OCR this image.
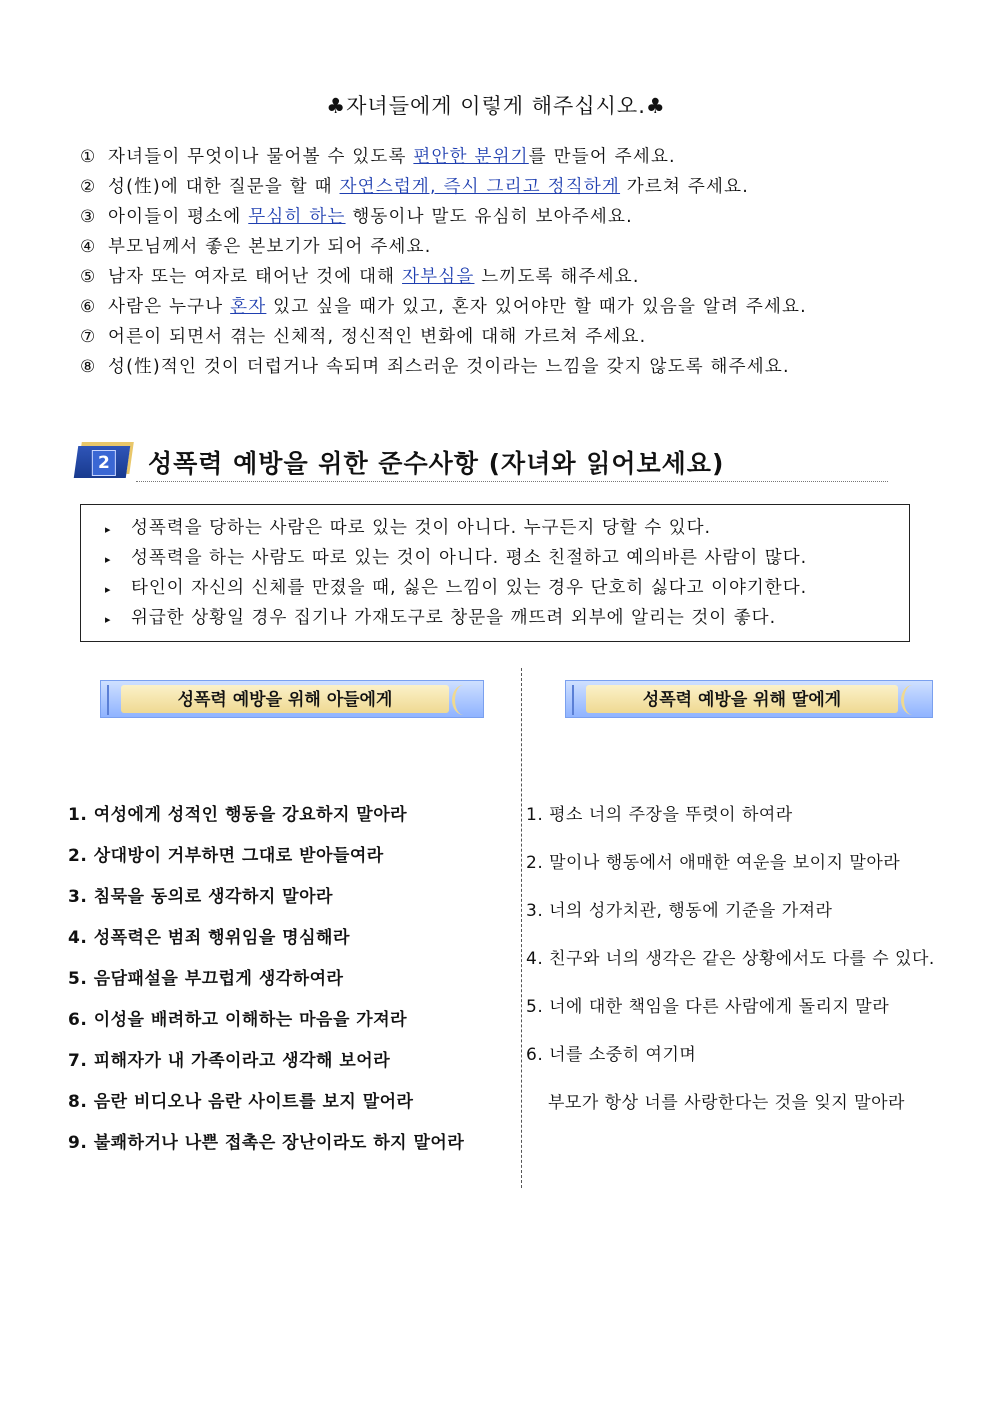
♣자녀들에게 이렇게 해주십시오.♣
① 자녀들이 무엇이나 물어볼 수 있도록 편안한 분위기를 만들어 주세요.
② 성(性)에 대한 질문을 할 때 자연스럽게, 즉시 그리고 정직하게 가르쳐 주세요.
③ 아이들이 평소에 무심히 하는 행동이나 말도 유심히 보아주세요.
④ 부모님께서 좋은 본보기가 되어 주세요.
⑤ 남자 또는 여자로 태어난 것에 대해 자부심을 느끼도록 해주세요.
⑥ 사람은 누구나 혼자 있고 싶을 때가 있고, 혼자 있어야만 할 때가 있음을 알려 주세요.
⑦ 어른이 되면서 겪는 신체적, 정신적인 변화에 대해 가르쳐 주세요.
⑧ 성(性)적인 것이 더럽거나 속되며 죄스러운 것이라는 느낌을 갖지 않도록 해주세요.
2 성폭력 예방을 위한 준수사항 (자녀와 읽어보세요)
▸ 성폭력을 당하는 사람은 따로 있는 것이 아니다. 누구든지 당할 수 있다.
▸ 성폭력을 하는 사람도 따로 있는 것이 아니다. 평소 친절하고 예의바른 사람이 많다.
▸ 타인이 자신의 신체를 만졌을 때, 싫은 느낌이 있는 경우 단호히 싫다고 이야기한다.
▸ 위급한 상황일 경우 집기나 가재도구로 창문을 깨뜨려 외부에 알리는 것이 좋다.
성폭력 예방을 위해 아들에게	성폭력 예방을 위해 딸에게
1. 여성에게 성적인 행동을 강요하지 말아라
2. 상대방이 거부하면 그대로 받아들여라
3. 침묵을 동의로 생각하지 말아라
4. 성폭력은 범죄 행위임을 명심해라
5. 음담패설을 부끄럽게 생각하여라
6. 이성을 배려하고 이해하는 마음을 가져라
7. 피해자가 내 가족이라고 생각해 보어라
8. 음란 비디오나 음란 사이트를 보지 말어라
9. 불쾌하거나 나쁜 접촉은 장난이라도 하지 말어라
1. 평소 너의 주장을 뚜렷이 하여라
2. 말이나 행동에서 애매한 여운을 보이지 말아라
3. 너의 성가치관, 행동에 기준을 가져라
4. 친구와 너의 생각은 같은 상황에서도 다를 수 있다.
5. 너에 대한 책임을 다른 사람에게 돌리지 말라
6. 너를 소중히 여기며
부모가 항상 너를 사랑한다는 것을 잊지 말아라
